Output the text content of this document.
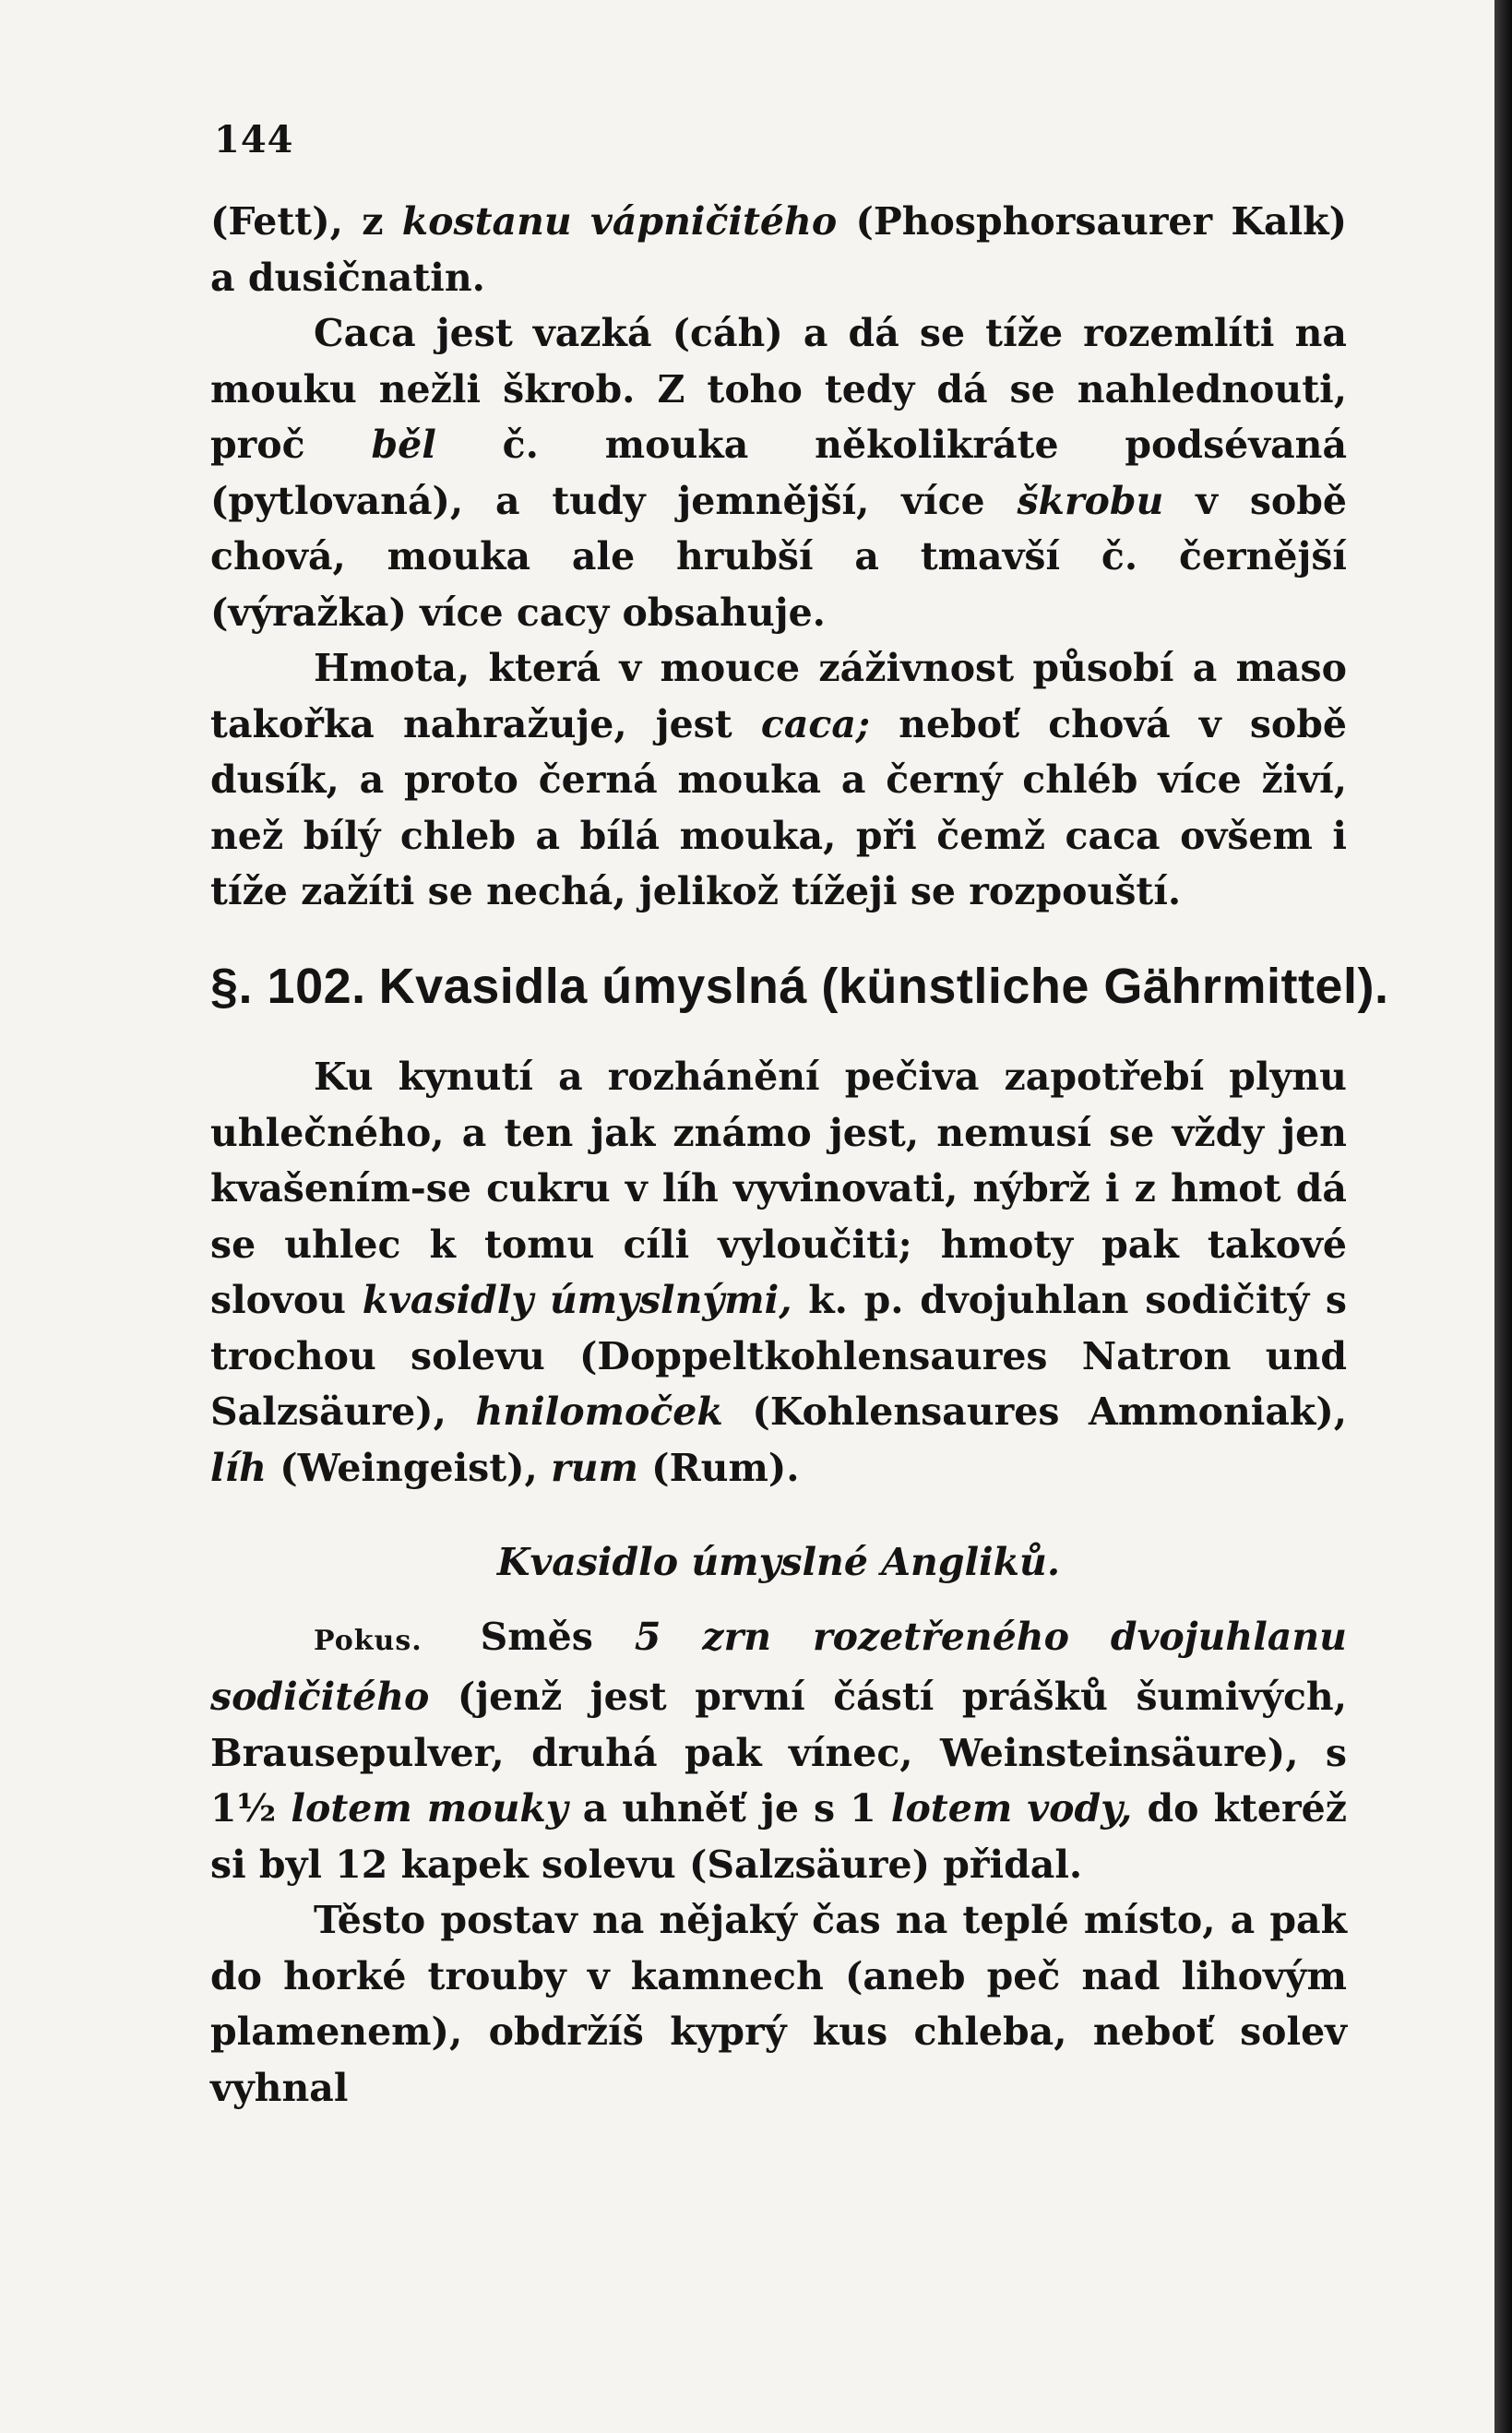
144

(Fett), z kostanu vápničitého (Phosphorsaurer Kalk) a dusičnatin.

Caca jest vazká (cáh) a dá se tíže rozemlíti na mouku nežli škrob. Z toho tedy dá se nahlednouti, proč běl č. mouka několikráte podsévaná (pytlovaná), a tudy jemnější, více škrobu v sobě chová, mouka ale hrubší a tmavší č. černější (výražka) více cacy obsahuje.

Hmota, která v mouce záživnost působí a maso takořka nahražuje, jest caca; neboť chová v sobě dusík, a proto černá mouka a černý chléb více živí, než bílý chleb a bílá mouka, při čemž caca ovšem i tíže zažíti se nechá, jelikož tížeji se rozpouští.

§. 102. Kvasidla úmyslná (künstliche Gährmittel).

Ku kynutí a rozhánění pečiva zapotřebí plynu uhlečného, a ten jak známo jest, nemusí se vždy jen kvašením-se cukru v líh vyvinovati, nýbrž i z hmot dá se uhlec k tomu cíli vyloučiti; hmoty pak takové slovou kvasidly úmyslnými, k. p. dvojuhlan sodičitý s trochou solevu (Doppeltkohlensaures Natron und Salzsäure), hnilomoček (Kohlensaures Ammoniak), líh (Weingeist), rum (Rum).

Kvasidlo úmyslné Angliků.

Pokus. Směs 5 zrn rozetřeného dvojuhlanu sodičitého (jenž jest první částí prášků šumivých, Brausepulver, druhá pak vínec, Weinsteinsäure), s 1½ lotem mouky a uhněť je s 1 lotem vody, do kteréž si byl 12 kapek solevu (Salzsäure) přidal.

Těsto postav na nějaký čas na teplé místo, a pak do horké trouby v kamnech (aneb peč nad lihovým plamenem), obdržíš kyprý kus chleba, neboť solev vyhnal
